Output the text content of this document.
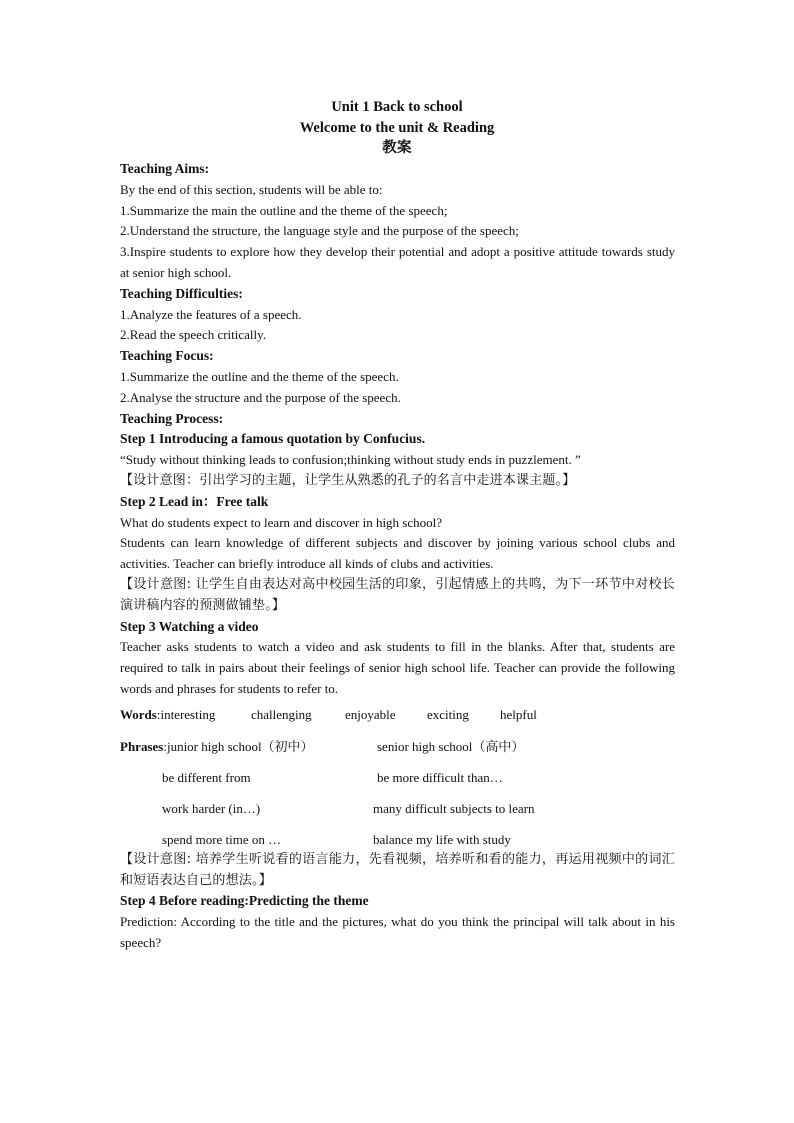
Unit 1 Back to school
Welcome to the unit & Reading
教案

Teaching Aims:

By the end of this section, students will be able to:

1.Summarize the main the outline and the theme of the speech;

2.Understand the structure, the language style and the purpose of the speech;

3.Inspire students to explore how they develop their potential and adopt a positive attitude towards study at senior high school.

Teaching Difficulties:

1.Analyze the features of a speech.

2.Read the speech critically.

Teaching Focus:

1.Summarize the outline and the theme of the speech.

2.Analyse the structure and the purpose of the speech.

Teaching Process:

Step 1 Introducing a famous quotation by Confucius.

“Study without thinking leads to confusion;thinking without study ends in puzzlement. ”

【设计意图：引出学习的主题，让学生从熟悉的孔子的名言中走进本课主题。】

Step 2 Lead in：Free talk

What do students expect to learn and discover in high school?

Students can learn knowledge of different subjects and discover by joining various school clubs and activities. Teacher can briefly introduce all kinds of clubs and activities.

【设计意图: 让学生自由表达对高中校园生活的印象，引起情感上的共鸣，为下一环节中对校长演讲稿内容的预测做铺垫。】

Step 3 Watching a video

Teacher asks students to watch a video and ask students to fill in the blanks. After that, students are required to talk in pairs about their feelings of senior high school life. Teacher can provide the following words and phrases for students to refer to.

Words:interesting	challenging	enjoyable exciting helpful
Phrases:junior high school（初中）	senior high school（高中）
be different from	be more difficult than…
work harder (in…)	many difficult subjects to learn
spend more time on …	balance my life with study

【设计意图: 培养学生听说看的语言能力，先看视频，培养听和看的能力，再运用视频中的词汇和短语表达自己的想法。】

Step 4 Before reading:Predicting the theme

Prediction: According to the title and the pictures, what do you think the principal will talk about in his speech?
